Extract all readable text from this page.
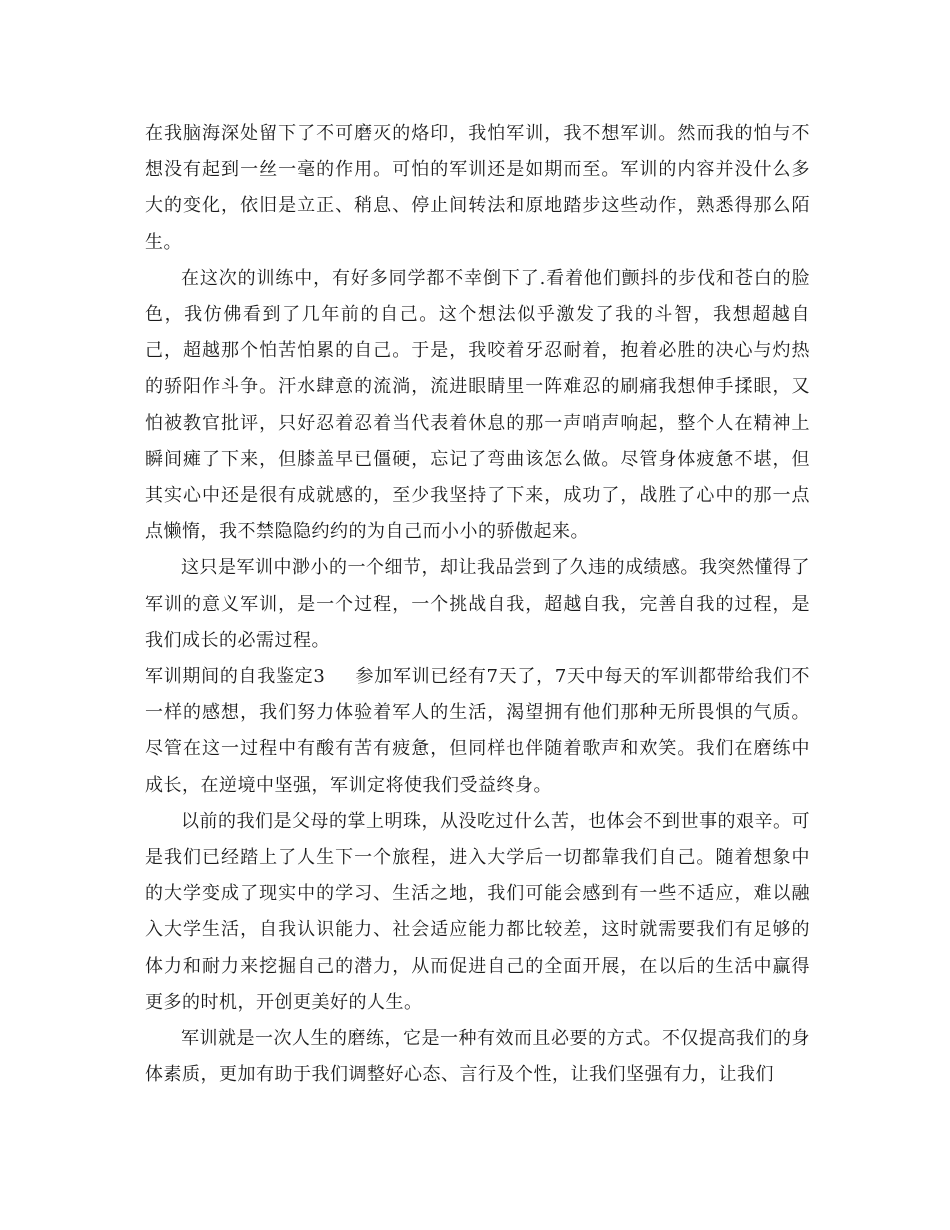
在我脑海深处留下了不可磨灭的烙印，我怕军训，我不想军训。然而我的怕与不想没有起到一丝一毫的作用。可怕的军训还是如期而至。军训的内容并没什么多大的变化，依旧是立正、稍息、停止间转法和原地踏步这些动作，熟悉得那么陌生。

在这次的训练中，有好多同学都不幸倒下了.看着他们颤抖的步伐和苍白的脸色，我仿佛看到了几年前的自己。这个想法似乎激发了我的斗智，我想超越自己，超越那个怕苦怕累的自己。于是，我咬着牙忍耐着，抱着必胜的决心与灼热的骄阳作斗争。汗水肆意的流淌，流进眼睛里一阵难忍的刷痛我想伸手揉眼，又怕被教官批评，只好忍着忍着当代表着休息的那一声哨声响起，整个人在精神上瞬间瘫了下来，但膝盖早已僵硬，忘记了弯曲该怎么做。尽管身体疲惫不堪，但其实心中还是很有成就感的，至少我坚持了下来，成功了，战胜了心中的那一点点懒惰，我不禁隐隐约约的为自己而小小的骄傲起来。

这只是军训中渺小的一个细节，却让我品尝到了久违的成绩感。我突然懂得了军训的意义军训，是一个过程，一个挑战自我，超越自我，完善自我的过程，是我们成长的必需过程。

军训期间的自我鉴定3 参加军训已经有7天了，7天中每天的军训都带给我们不一样的感想，我们努力体验着军人的生活，渴望拥有他们那种无所畏惧的气质。尽管在这一过程中有酸有苦有疲惫，但同样也伴随着歌声和欢笑。我们在磨练中成长，在逆境中坚强，军训定将使我们受益终身。

以前的我们是父母的掌上明珠，从没吃过什么苦，也体会不到世事的艰辛。可是我们已经踏上了人生下一个旅程，进入大学后一切都靠我们自己。随着想象中的大学变成了现实中的学习、生活之地，我们可能会感到有一些不适应，难以融入大学生活，自我认识能力、社会适应能力都比较差，这时就需要我们有足够的体力和耐力来挖掘自己的潜力，从而促进自己的全面开展，在以后的生活中赢得更多的时机，开创更美好的人生。

军训就是一次人生的磨练，它是一种有效而且必要的方式。不仅提高我们的身体素质，更加有助于我们调整好心态、言行及个性，让我们坚强有力，让我们
